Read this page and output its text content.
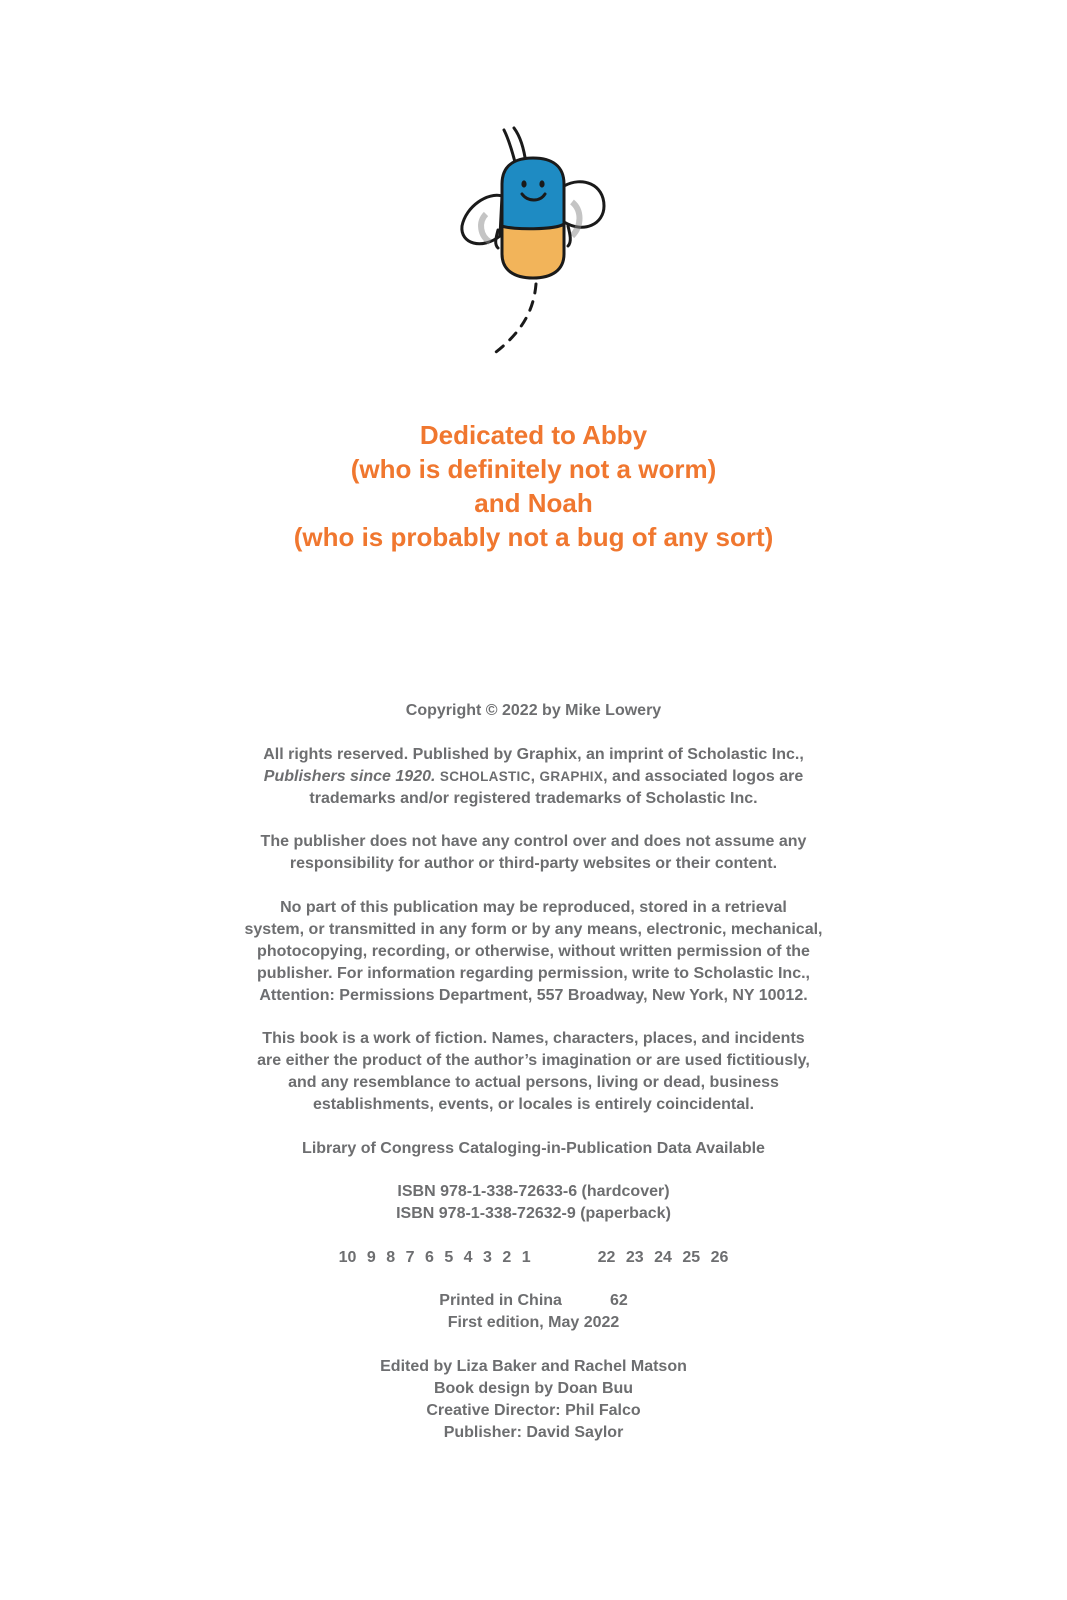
Dedicated to Abby
(who is definitely not a worm)
and Noah
(who is probably not a bug of any sort)
Copyright © 2022 by Mike Lowery
All rights reserved. Published by Graphix, an imprint of Scholastic Inc.,
Publishers since 1920. SCHOLASTIC, GRAPHIX, and associated logos are
trademarks and/or registered trademarks of Scholastic Inc.
The publisher does not have any control over and does not assume any
responsibility for author or third-party websites or their content.
No part of this publication may be reproduced, stored in a retrieval
system, or transmitted in any form or by any means, electronic, mechanical,
photocopying, recording, or otherwise, without written permission of the
publisher. For information regarding permission, write to Scholastic Inc.,
Attention: Permissions Department, 557 Broadway, New York, NY 10012.
This book is a work of fiction. Names, characters, places, and incidents
are either the product of the author’s imagination or are used fictitiously,
and any resemblance to actual persons, living or dead, business
establishments, events, or locales is entirely coincidental.
Library of Congress Cataloging-in-Publication Data Available
ISBN 978-1-338-72633-6 (hardcover)
ISBN 978-1-338-72632-9 (paperback)
10 9 8 7 6 5 4 3 2 1	22 23 24 25 26
Printed in China	62
First edition, May 2022
Edited by Liza Baker and Rachel Matson
Book design by Doan Buu
Creative Director: Phil Falco
Publisher: David Saylor
